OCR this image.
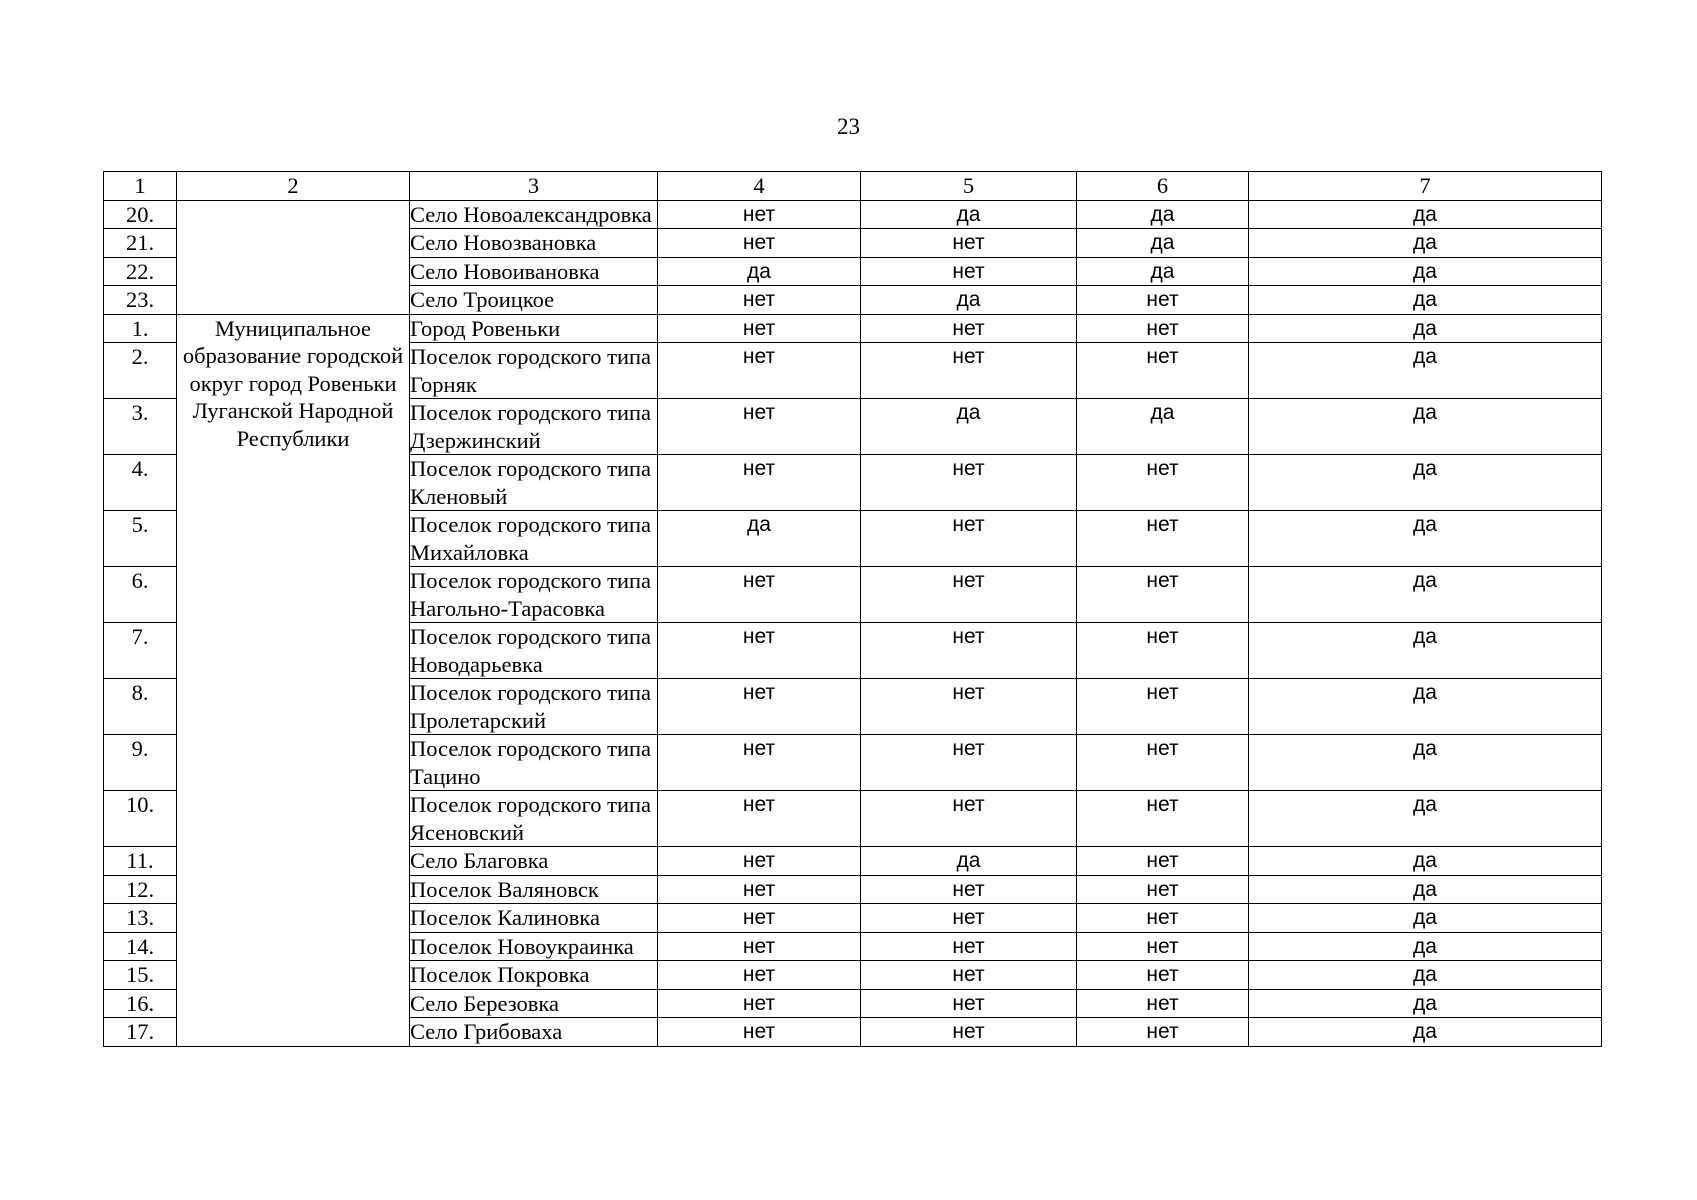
23
1	2	3	4	5	6	7
20.		Село Новоалександровка	нет	да	да	да
21.		Село Новозвановка	нет	нет	да	да
22.		Село Новоивановка	да	нет	да	да
23.		Село Троицкое	нет	да	нет	да
1.	Муниципальное образование городской округ город Ровеньки Луганской Народной Республики	Город Ровеньки	нет	нет	нет	да
2.		Поселок городского типа Горняк	нет	нет	нет	да
3.		Поселок городского типа Дзержинский	нет	да	да	да
4.		Поселок городского типа Кленовый	нет	нет	нет	да
5.		Поселок городского типа Михайловка	да	нет	нет	да
6.		Поселок городского типа Нагольно-Тарасовка	нет	нет	нет	да
7.		Поселок городского типа Новодарьевка	нет	нет	нет	да
8.		Поселок городского типа Пролетарский	нет	нет	нет	да
9.		Поселок городского типа Тацино	нет	нет	нет	да
10.		Поселок городского типа Ясеновский	нет	нет	нет	да
11.		Село Благовка	нет	да	нет	да
12.		Поселок Валяновск	нет	нет	нет	да
13.		Поселок Калиновка	нет	нет	нет	да
14.		Поселок Новоукраинка	нет	нет	нет	да
15.		Поселок Покровка	нет	нет	нет	да
16.		Село Березовка	нет	нет	нет	да
17.		Село Грибоваха	нет	нет	нет	да
